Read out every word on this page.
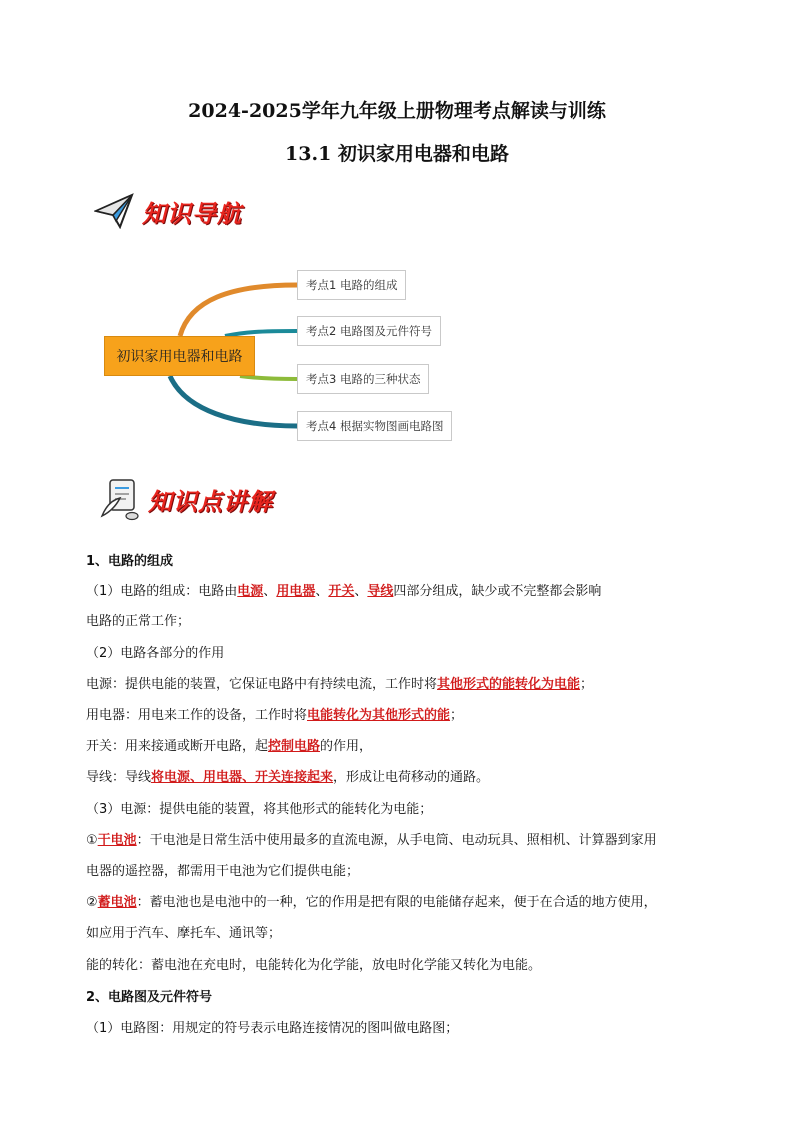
2024-2025学年九年级上册物理考点解读与训练
13.1 初识家用电器和电路
知识导航
初识家用电器和电路
考点1 电路的组成
考点2 电路图及元件符号
考点3 电路的三种状态
考点4 根据实物图画电路图
知识点讲解
1、电路的组成
（1）电路的组成：电路由电源、用电器、开关、导线四部分组成，缺少或不完整都会影响
电路的正常工作；
（2）电路各部分的作用
电源：提供电能的装置，它保证电路中有持续电流，工作时将其他形式的能转化为电能；
用电器：用电来工作的设备，工作时将电能转化为其他形式的能；
开关：用来接通或断开电路，起控制电路的作用，
导线：导线将电源、用电器、开关连接起来，形成让电荷移动的通路。
（3）电源：提供电能的装置，将其他形式的能转化为电能；
①干电池：干电池是日常生活中使用最多的直流电源，从手电筒、电动玩具、照相机、计算器到家用
电器的遥控器，都需用干电池为它们提供电能；
②蓄电池：蓄电池也是电池中的一种，它的作用是把有限的电能储存起来，便于在合适的地方使用，
如应用于汽车、摩托车、通讯等；
能的转化：蓄电池在充电时，电能转化为化学能，放电时化学能又转化为电能。
2、电路图及元件符号
（1）电路图：用规定的符号表示电路连接情况的图叫做电路图；
